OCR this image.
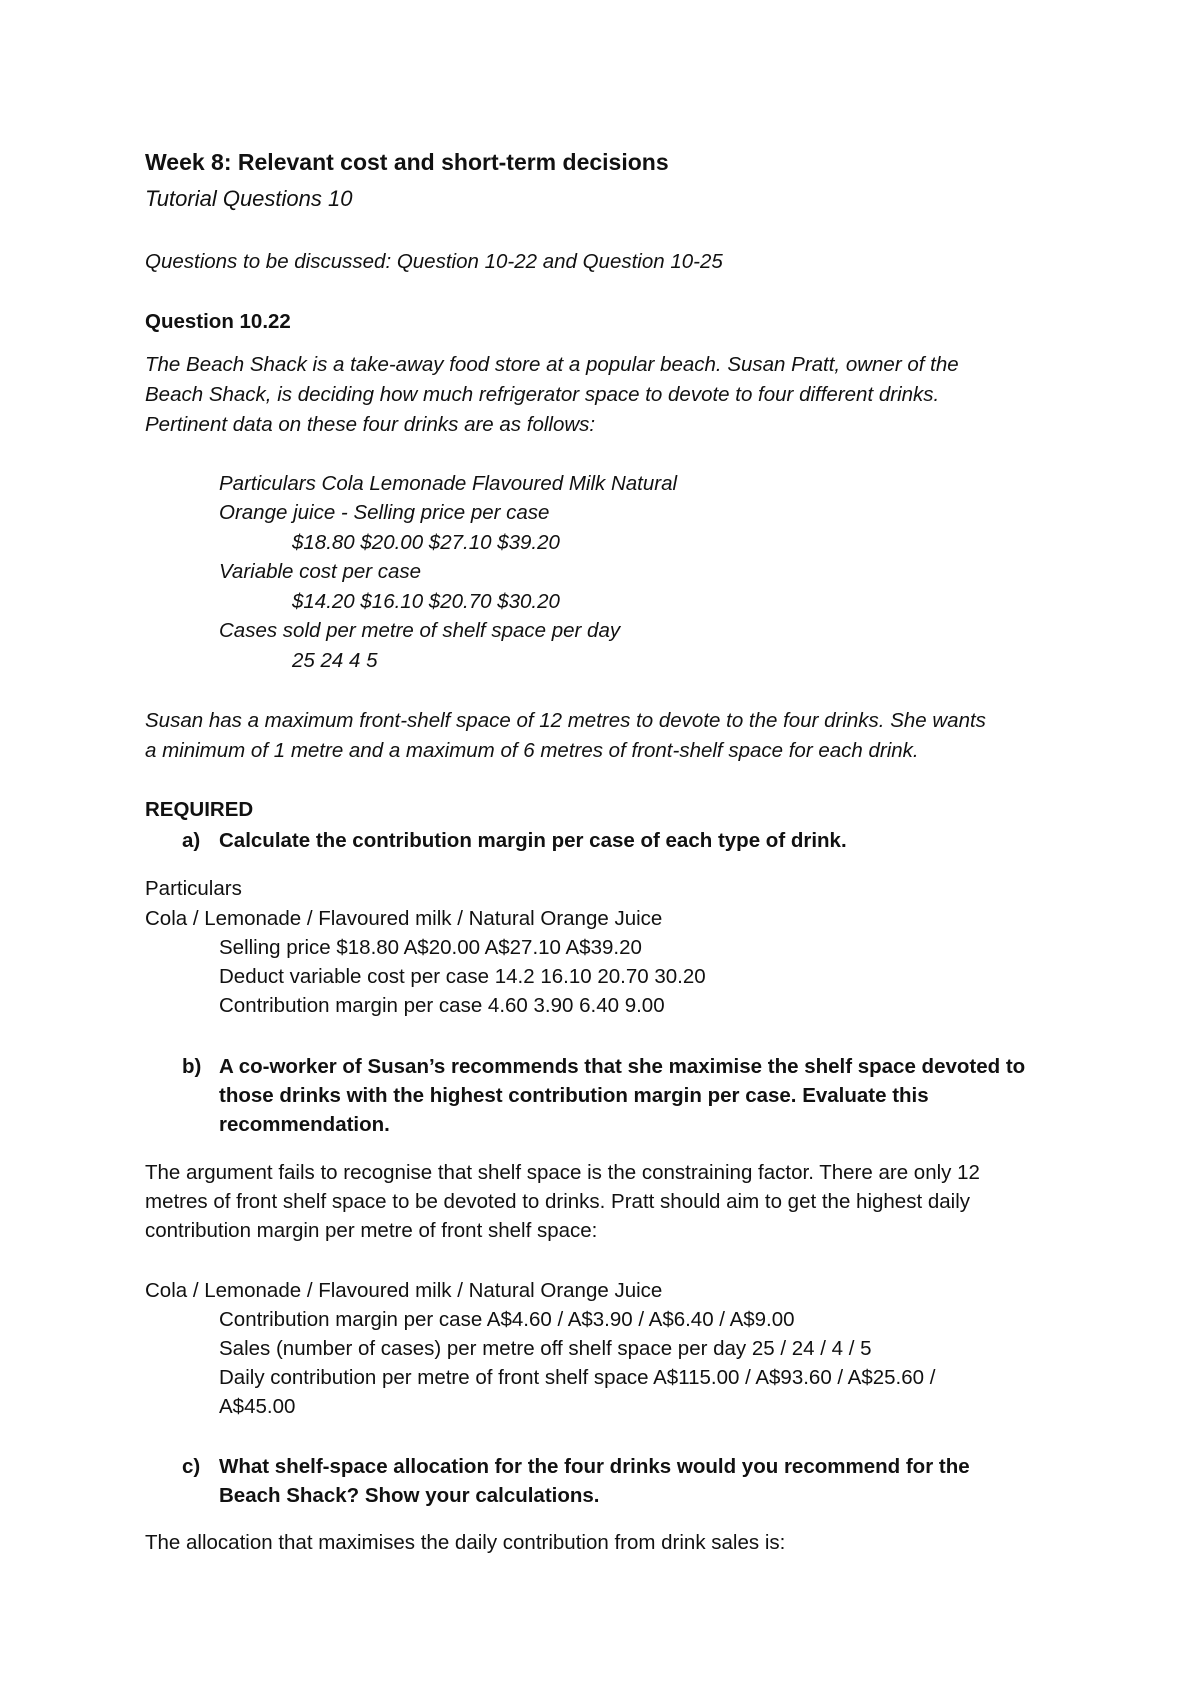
Week 8: Relevant cost and short-term decisions
Tutorial Questions 10
Questions to be discussed: Question 10-22 and Question 10-25
Question 10.22
The Beach Shack is a take-away food store at a popular beach. Susan Pratt, owner of the
Beach Shack, is deciding how much refrigerator space to devote to four different drinks.
Pertinent data on these four drinks are as follows:
Particulars Cola Lemonade Flavoured Milk Natural
Orange juice - Selling price per case
$18.80 $20.00 $27.10 $39.20
Variable cost per case
$14.20 $16.10 $20.70 $30.20
Cases sold per metre of shelf space per day
25 24 4 5
Susan has a maximum front-shelf space of 12 metres to devote to the four drinks. She wants
a minimum of 1 metre and a maximum of 6 metres of front-shelf space for each drink.
REQUIRED
a) Calculate the contribution margin per case of each type of drink.
Particulars
Cola / Lemonade / Flavoured milk / Natural Orange Juice
Selling price $18.80 A$20.00 A$27.10 A$39.20
Deduct variable cost per case 14.2 16.10 20.70 30.20
Contribution margin per case 4.60 3.90 6.40 9.00
b) A co-worker of Susan’s recommends that she maximise the shelf space devoted to
those drinks with the highest contribution margin per case. Evaluate this
recommendation.
The argument fails to recognise that shelf space is the constraining factor. There are only 12
metres of front shelf space to be devoted to drinks. Pratt should aim to get the highest daily
contribution margin per metre of front shelf space:
Cola / Lemonade / Flavoured milk / Natural Orange Juice
Contribution margin per case A$4.60 / A$3.90 / A$6.40 / A$9.00
Sales (number of cases) per metre off shelf space per day 25 / 24 / 4 / 5
Daily contribution per metre of front shelf space A$115.00 / A$93.60 / A$25.60 /
A$45.00
c) What shelf-space allocation for the four drinks would you recommend for the
Beach Shack? Show your calculations.
The allocation that maximises the daily contribution from drink sales is:
